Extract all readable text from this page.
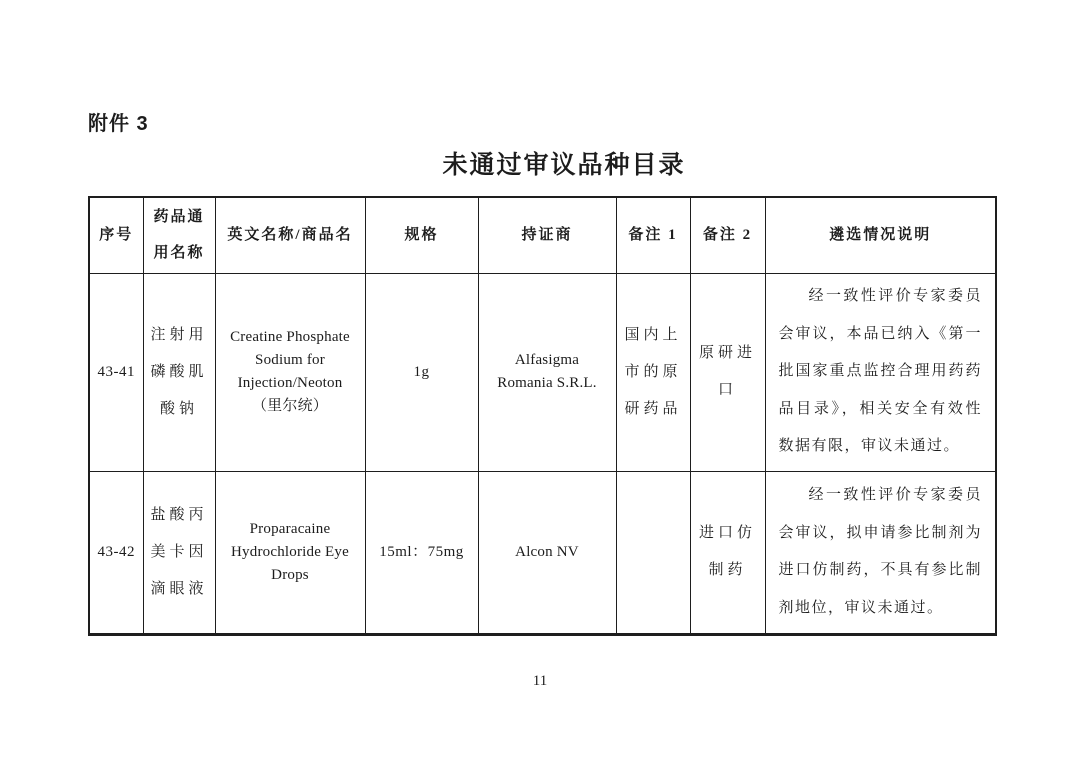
附件 3
未通过审议品种目录
序号	药品通用名称	英文名称/商品名	规格	持证商	备注 1	备注 2	遴选情况说明
43-41	注射用磷酸肌酸钠	Creatine Phosphate Sodium for Injection/Neoton（里尔统）	1g	Alfasigma Romania S.R.L.	国内上市的原研药品	原研进口	经一致性评价专家委员会审议，本品已纳入《第一批国家重点监控合理用药药品目录》，相关安全有效性数据有限，审议未通过。
43-42	盐酸丙美卡因滴眼液	Proparacaine Hydrochloride Eye Drops	15ml：75mg	Alcon NV		进口仿制药	经一致性评价专家委员会审议，拟申请参比制剂为进口仿制药，不具有参比制剂地位，审议未通过。
11
